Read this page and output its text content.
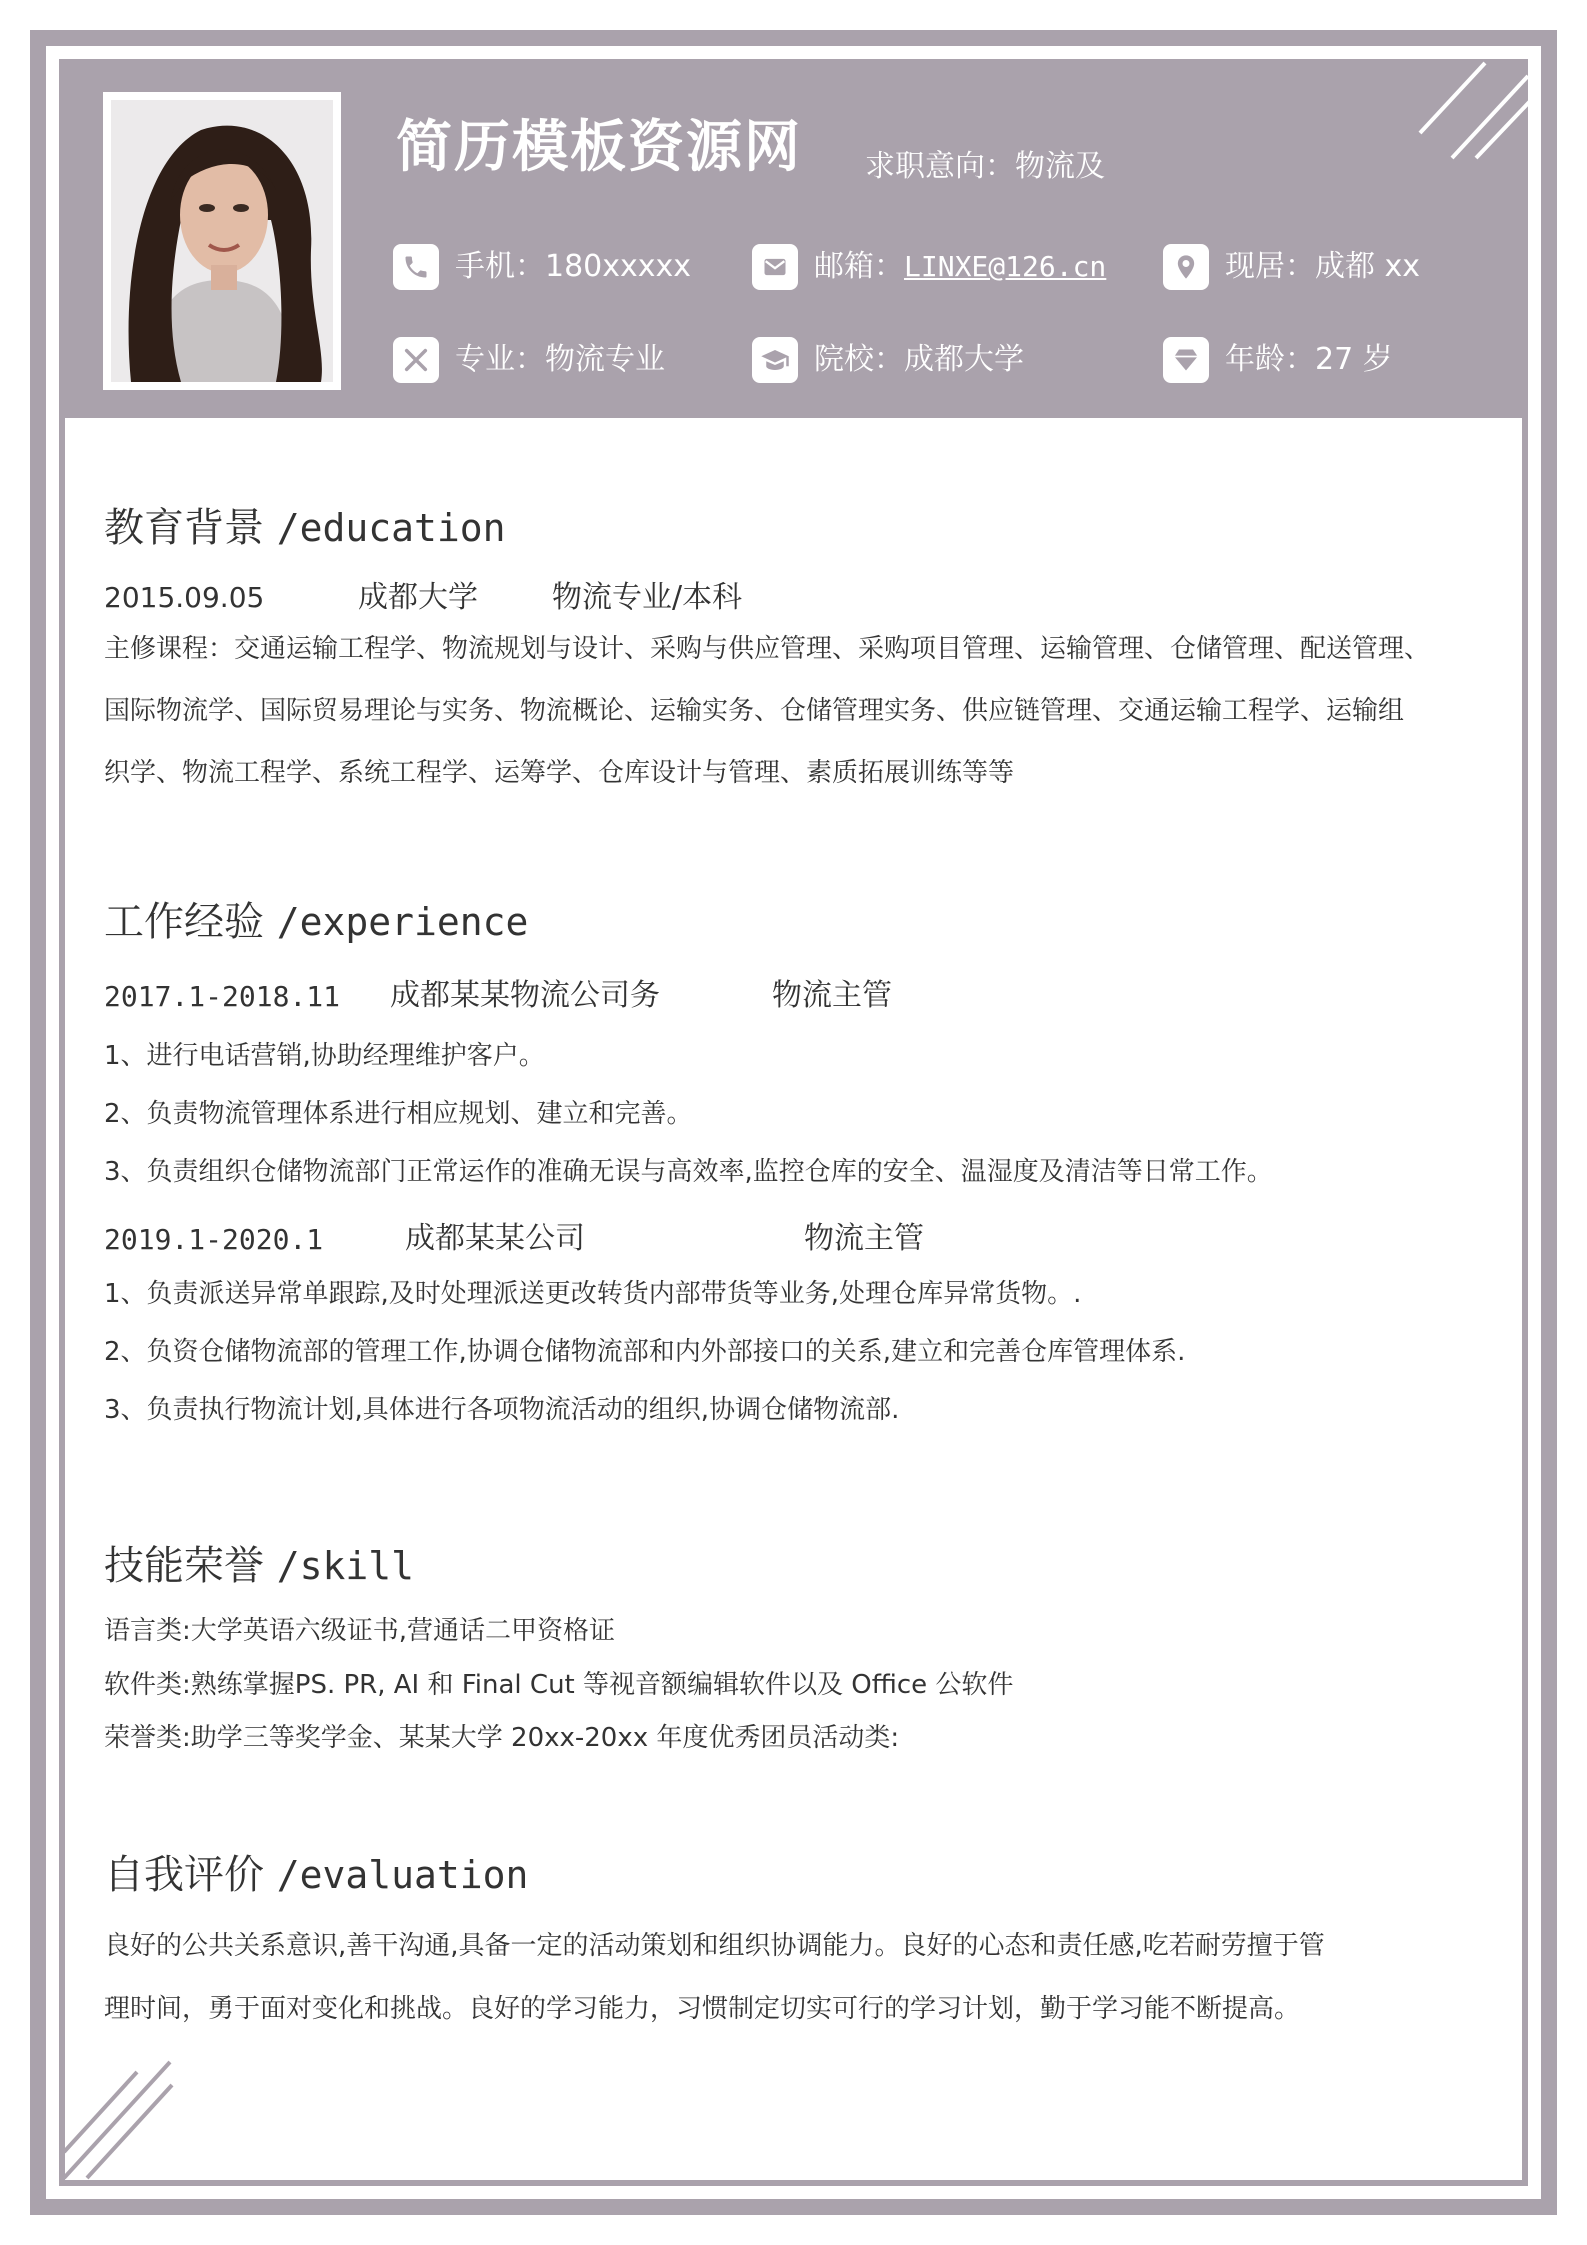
简历模板资源网 求职意向：物流及
手机：180xxxxx	邮箱： LINXE@126.cn	现居：成都 xx
专业：物流专业	院校：成都大学	年龄：27 岁
教育背景 /education
2015.09.05	成都大学 物流专业/本科
主修课程：交通运输工程学、物流规划与设计、采购与供应管理、采购项目管理、运输管理、仓储管理、配送管理、
国际物流学、国际贸易理论与实务、物流概论、运输实务、仓储管理实务、供应链管理、交通运输工程学、运输组
织学、物流工程学、系统工程学、运筹学、仓库设计与管理、素质拓展训练等等
工作经验 /experience
2017.1-2018.11 成都某某物流公司务	物流主管
1、进行电话营销,协助经理维护客户。
2、负责物流管理体系进行相应规划、建立和完善。
3、负责组织仓储物流部门正常运作的准确无误与高效率,监控仓库的安全、温湿度及清洁等日常工作。
2019.1-2020.1	成都某某公司	物流主管
1、负责派送异常单跟踪,及时处理派送更改转货内部带货等业务,处理仓库异常货物。.
2、负资仓储物流部的管理工作,协调仓储物流部和内外部接口的关系,建立和完善仓库管理体系.
3、负责执行物流计划,具体进行各项物流活动的组织,协调仓储物流部.
技能荣誉 /skill
语言类:大学英语六级证书,营通话二甲资格证
软件类:熟练掌握PS. PR, AI 和 Final Cut 等视音额编辑软件以及 Office 公软件
荣誉类:助学三等奖学金、某某大学 20xx-20xx 年度优秀团员活动类:
自我评价 /evaluation
良好的公共关系意识,善干沟通,具备一定的活动策划和组织协调能力。良好的心态和责任感,吃若耐劳擅于管
理时间，勇于面对变化和挑战。良好的学习能力，习惯制定切实可行的学习计划，勤于学习能不断提高。
